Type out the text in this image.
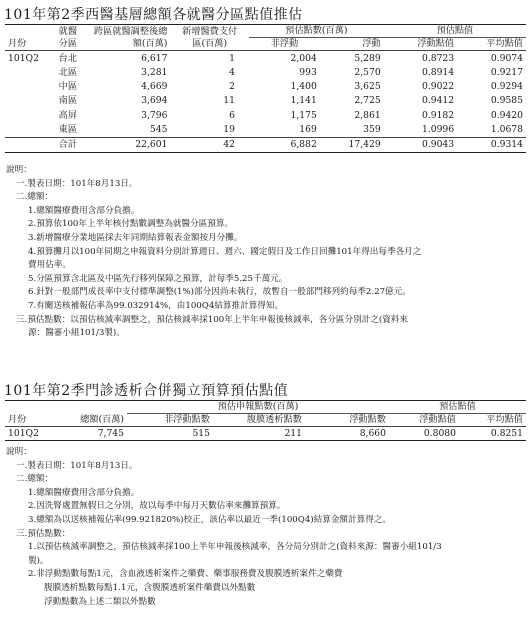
101年第2季西醫基層總額各就醫分區點值推估
	就醫	跨區就醫調整後總	新增醫費支付	預估點數(百萬)		預估點值	
月份	分區	額(百萬)	區(百萬)	非浮動	浮動	浮動點值	平均點值
101Q2	台北	6,617	1	2,004	5,289	0.8723	0.9074
	北區	3,281	4	993	2,570	0.8914	0.9217
	中區	4,669	2	1,400	3,625	0.9022	0.9294
	南區	3,694	11	1,141	2,725	0.9412	0.9585
	高屏	3,796	6	1,175	2,861	0.9182	0.9420
	東區	545	19	169	359	1.0996	1.0678
	合計	22,601	42	6,882	17,429	0.9043	0.9314
說明：
一.製表日期：101年8月13日。
二.總額：
1.總額醫療費用含部分負擔。
2.預算依100年上半年核付點數調整為就醫分區預算。
3.新增醫療分業地區採去年同期結算報表金額按月分攤。
4.預算攤月以100年同期之申報資料分別計算週日、週六、國定假日及工作日回攤101年得出每季各月之
費用佔率。
5.分區預算含北區及中區先行移列保障之預算，計每季5.25千萬元。
6.針對一般部門成長率中支付標準調整(1%)部分因尚未執行，故暫自一般部門移列約每季2.27億元。
7.有關送核補報佔率為99.032914%，由100Q4結算推計算得知。
三.預估點數：以預估核減率調整之，預估核減率採100年上半年申報後核減率，各分區分別計之(資料來
源：醫審小組101/3製)。
101年第2季門診透析合併獨立預算預估點值
		預估申報點數(百萬)			預估點值	
月份	總額(百萬)	非浮動點數	腹膜透析點數	浮動點數	浮動點值	平均點值
101Q2	7,745	515	211	8,660	0.8080	0.8251
說明：
一.製表日期：101年8月13日。
二.總額：
1.總額醫療費用含部分負擔。
2.因洗腎處置無假日之分別，故以每季中每月天數佔率來攤算預算。
3.總額為以送核補報佔率(99.921820%)校正，該佔率以最近一季(100Q4)結算金額計算得之。
三.預估點數：
1.以預估核減率調整之，預估核減率採100上半年申報後核減率，各分局分別計之(資料來源：醫審小組101/3
製)。
2.非浮動點數每點1元，含血液透析案件之藥費、藥事服務費及腹膜透析案件之藥費
腹膜透析點數每點1.1元，含腹膜透析案件藥費以外點數
浮動點數為上述二類以外點數
